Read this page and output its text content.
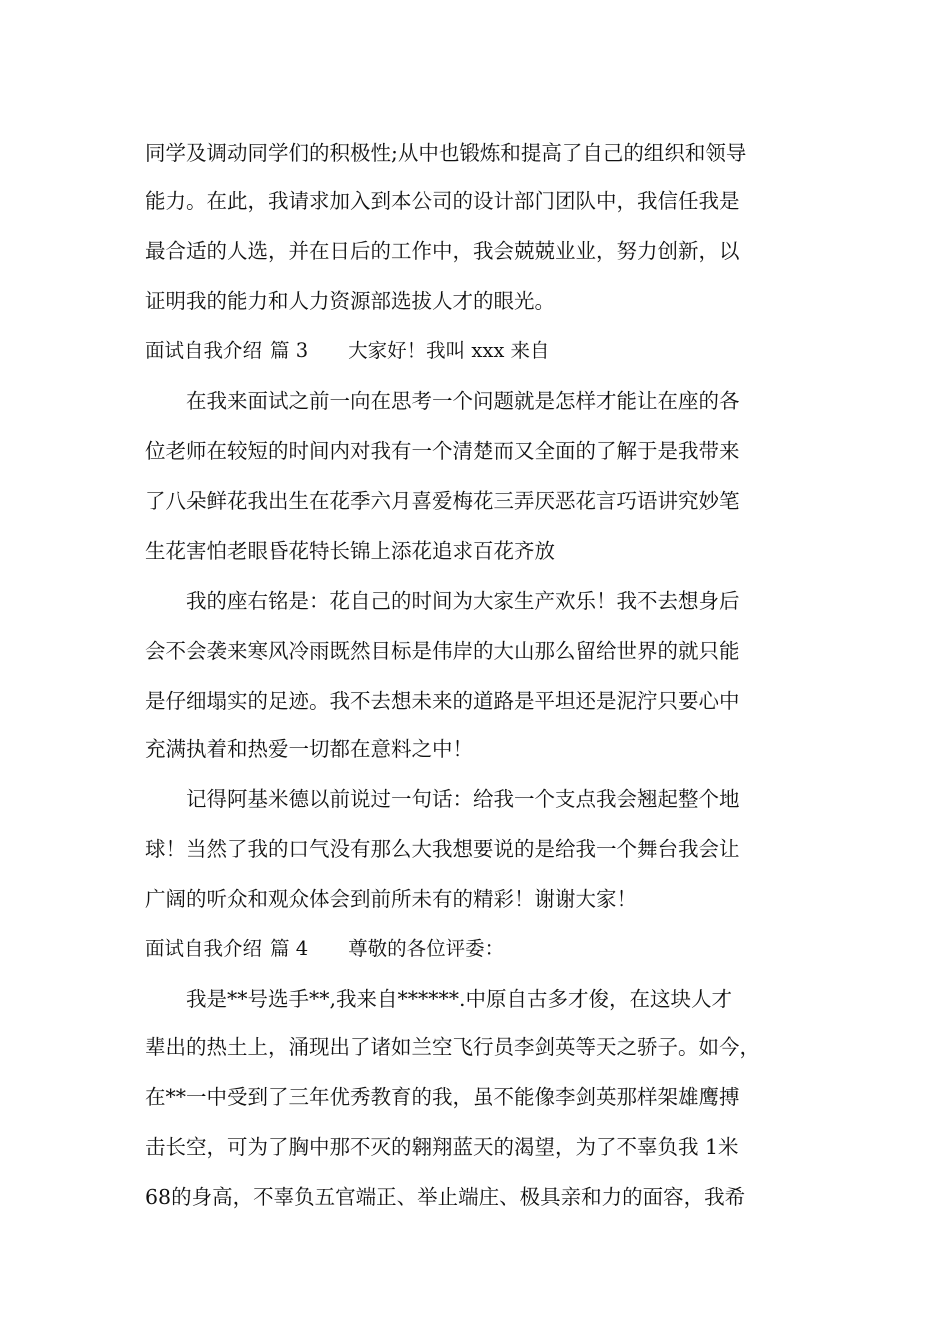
同学及调动同学们的积极性;从中也锻炼和提高了自己的组织和领导
能力。在此，我请求加入到本公司的设计部门团队中，我信任我是
最合适的人选，并在日后的工作中，我会兢兢业业，努力创新，以
证明我的能力和人力资源部选拔人才的眼光。
面试自我介绍 篇 3 大家好！我叫 xxx 来自
　　在我来面试之前一向在思考一个问题就是怎样才能让在座的各
位老师在较短的时间内对我有一个清楚而又全面的了解于是我带来
了八朵鲜花我出生在花季六月喜爱梅花三弄厌恶花言巧语讲究妙笔
生花害怕老眼昏花特长锦上添花追求百花齐放
　　我的座右铭是：花自己的时间为大家生产欢乐！我不去想身后
会不会袭来寒风冷雨既然目标是伟岸的大山那么留给世界的就只能
是仔细塌实的足迹。我不去想未来的道路是平坦还是泥泞只要心中
充满执着和热爱一切都在意料之中！
　　记得阿基米德以前说过一句话：给我一个支点我会翘起整个地
球！当然了我的口气没有那么大我想要说的是给我一个舞台我会让
广阔的听众和观众体会到前所未有的精彩！谢谢大家！
面试自我介绍 篇 4 尊敬的各位评委：
　　我是**号选手**,我来自******.中原自古多才俊，在这块人才
辈出的热土上，涌现出了诸如兰空飞行员李剑英等天之骄子。如今，
在**一中受到了三年优秀教育的我，虽不能像李剑英那样架雄鹰搏
击长空，可为了胸中那不灭的翱翔蓝天的渴望，为了不辜负我 1米
68的身高，不辜负五官端正、举止端庄、极具亲和力的面容，我希
